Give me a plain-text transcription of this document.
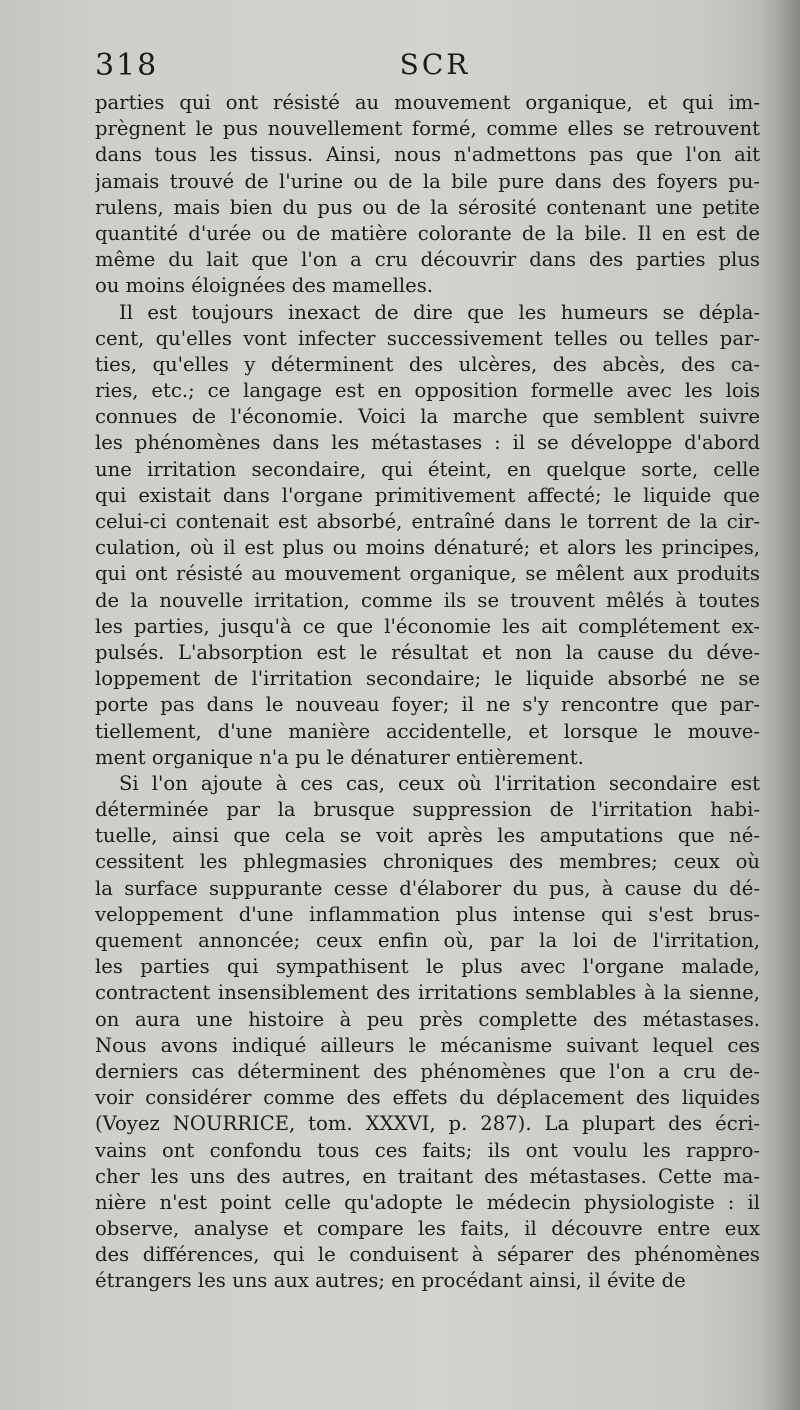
318	SCR
parties qui ont résisté au mouvement organique, et qui im-
prègnent le pus nouvellement formé, comme elles se retrouvent
dans tous les tissus. Ainsi, nous n'admettons pas que l'on ait
jamais trouvé de l'urine ou de la bile pure dans des foyers pu-
rulens, mais bien du pus ou de la sérosité contenant une petite
quantité d'urée ou de matière colorante de la bile. Il en est de
même du lait que l'on a cru découvrir dans des parties plus
ou moins éloignées des mamelles.
Il est toujours inexact de dire que les humeurs se dépla-
cent, qu'elles vont infecter successivement telles ou telles par-
ties, qu'elles y déterminent des ulcères, des abcès, des ca-
ries, etc.; ce langage est en opposition formelle avec les lois
connues de l'économie. Voici la marche que semblent suivre
les phénomènes dans les métastases : il se développe d'abord
une irritation secondaire, qui éteint, en quelque sorte, celle
qui existait dans l'organe primitivement affecté; le liquide que
celui-ci contenait est absorbé, entraîné dans le torrent de la cir-
culation, où il est plus ou moins dénaturé; et alors les principes,
qui ont résisté au mouvement organique, se mêlent aux produits
de la nouvelle irritation, comme ils se trouvent mêlés à toutes
les parties, jusqu'à ce que l'économie les ait complétement ex-
pulsés. L'absorption est le résultat et non la cause du déve-
loppement de l'irritation secondaire; le liquide absorbé ne se
porte pas dans le nouveau foyer; il ne s'y rencontre que par-
tiellement, d'une manière accidentelle, et lorsque le mouve-
ment organique n'a pu le dénaturer entièrement.
Si l'on ajoute à ces cas, ceux où l'irritation secondaire est
déterminée par la brusque suppression de l'irritation habi-
tuelle, ainsi que cela se voit après les amputations que né-
cessitent les phlegmasies chroniques des membres; ceux où
la surface suppurante cesse d'élaborer du pus, à cause du dé-
veloppement d'une inflammation plus intense qui s'est brus-
quement annoncée; ceux enfin où, par la loi de l'irritation,
les parties qui sympathisent le plus avec l'organe malade,
contractent insensiblement des irritations semblables à la sienne,
on aura une histoire à peu près complette des métastases.
Nous avons indiqué ailleurs le mécanisme suivant lequel ces
derniers cas déterminent des phénomènes que l'on a cru de-
voir considérer comme des effets du déplacement des liquides
(Voyez NOURRICE, tom. XXXVI, p. 287). La plupart des écri-
vains ont confondu tous ces faits; ils ont voulu les rappro-
cher les uns des autres, en traitant des métastases. Cette ma-
nière n'est point celle qu'adopte le médecin physiologiste : il
observe, analyse et compare les faits, il découvre entre eux
des différences, qui le conduisent à séparer des phénomènes
étrangers les uns aux autres; en procédant ainsi, il évite de
